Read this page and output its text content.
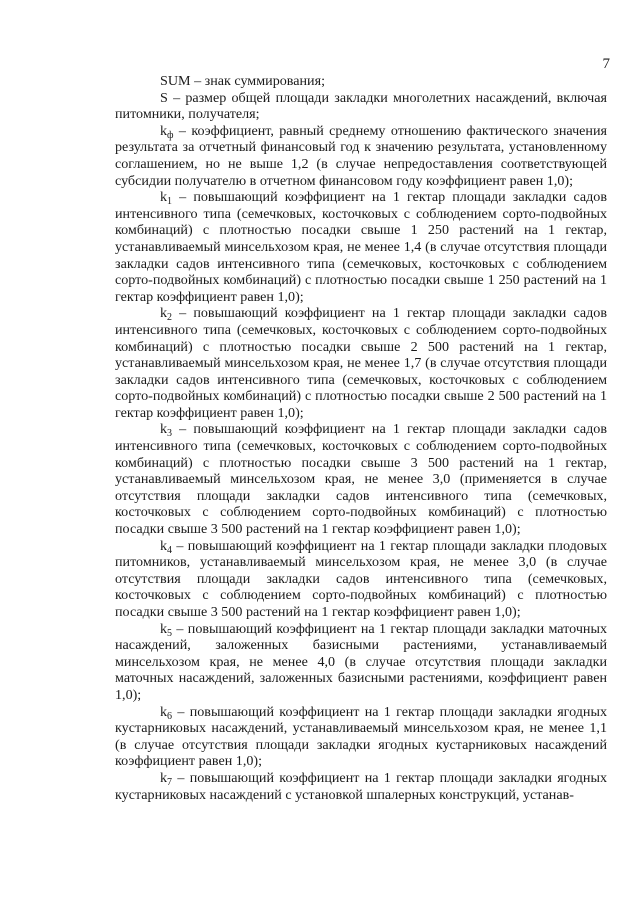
7

SUM – знак суммирования;

S – размер общей площади закладки многолетних насаждений, включая питомники, получателя;

$k_ф$ – коэффициент, равный среднему отношению фактического значения результата за отчетный финансовый год к значению результата, установленному соглашением, но не выше 1,2 (в случае непредоставления соответствующей субсидии получателю в отчетном финансовом году коэффициент равен 1,0);

$k_1$ – повышающий коэффициент на 1 гектар площади закладки садов интенсивного типа (семечковых, косточковых с соблюдением сорто-подвойных комбинаций) с плотностью посадки свыше 1 250 растений на 1 гектар, устанавливаемый минсельхозом края, не менее 1,4 (в случае отсутствия площади закладки садов интенсивного типа (семечковых, косточковых с соблюдением сорто-подвойных комбинаций) с плотностью посадки свыше 1 250 растений на 1 гектар коэффициент равен 1,0);

$k_2$ – повышающий коэффициент на 1 гектар площади закладки садов интенсивного типа (семечковых, косточковых с соблюдением сорто-подвойных комбинаций) с плотностью посадки свыше 2 500 растений на 1 гектар, устанавливаемый минсельхозом края, не менее 1,7 (в случае отсутствия площади закладки садов интенсивного типа (семечковых, косточковых с соблюдением сорто-подвойных комбинаций) с плотностью посадки свыше 2 500 растений на 1 гектар коэффициент равен 1,0);

$k_3$ – повышающий коэффициент на 1 гектар площади закладки садов интенсивного типа (семечковых, косточковых с соблюдением сорто-подвойных комбинаций) с плотностью посадки свыше 3 500 растений на 1 гектар, устанавливаемый минсельхозом края, не менее 3,0 (применяется в случае отсутствия площади закладки садов интенсивного типа (семечковых, косточковых с соблюдением сорто-подвойных комбинаций) с плотностью посадки свыше 3 500 растений на 1 гектар коэффициент равен 1,0);

$k_4$ – повышающий коэффициент на 1 гектар площади закладки плодовых питомников, устанавливаемый минсельхозом края, не менее 3,0 (в случае отсутствия площади закладки садов интенсивного типа (семечковых, косточковых с соблюдением сорто-подвойных комбинаций) с плотностью посадки свыше 3 500 растений на 1 гектар коэффициент равен 1,0);

$k_5$ – повышающий коэффициент на 1 гектар площади закладки маточных насаждений, заложенных базисными растениями, устанавливаемый минсельхозом края, не менее 4,0 (в случае отсутствия площади закладки маточных насаждений, заложенных базисными растениями, коэффициент равен 1,0);

$k_6$ – повышающий коэффициент на 1 гектар площади закладки ягодных кустарниковых насаждений, устанавливаемый минсельхозом края, не менее 1,1 (в случае отсутствия площади закладки ягодных кустарниковых насаждений коэффициент равен 1,0);

$k_7$ – повышающий коэффициент на 1 гектар площади закладки ягодных кустарниковых насаждений с установкой шпалерных конструкций, устанав-
